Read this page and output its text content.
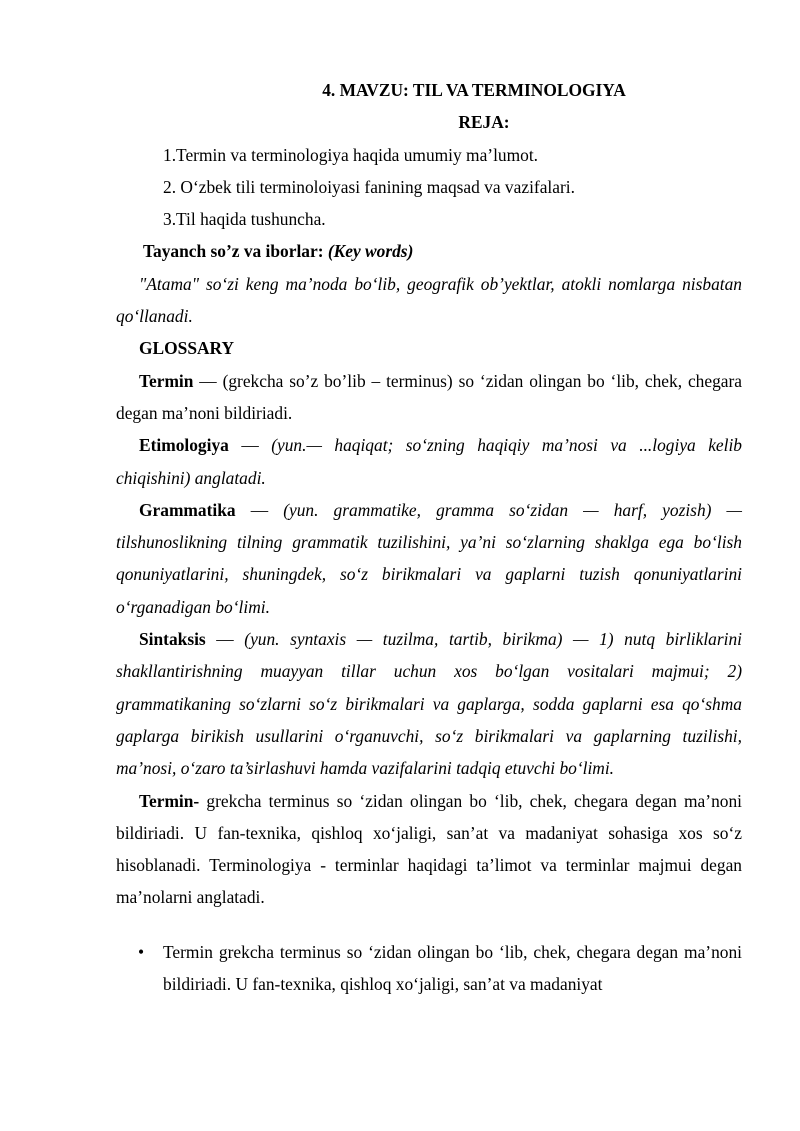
4. MAVZU: TIL VA TERMINOLOGIYA

REJA:

1.Termin va terminologiya haqida umumiy ma’lumot.

2. O‘zbek tili terminoloiyasi fanining maqsad va vazifalari.

3.Til haqida tushuncha.

Tayanch so’z va iborlar: (Key words)

"Atama" so‘zi keng ma’noda bo‘lib, geografik ob’yektlar, atokli nomlarga nisbatan qo‘llanadi.

GLOSSARY

Termin — (grekcha so’z bo’lib – terminus) so ‘zidan olingan bo ‘lib, chek, chegara degan ma’noni bildiriadi.

Etimologiya — (yun.— haqiqat; so‘zning haqiqiy ma’nosi va ...logiya kelib chiqishini) anglatadi.

Grammatika — (yun. grammatike, gramma so‘zidan — harf, yozish) — tilshunoslikning tilning grammatik tuzilishini, ya’ni so‘zlarning shaklga ega bo‘lish qonuniyatlarini, shuningdek, so‘z birikmalari va gaplarni tuzish qonuniyatlarini o‘rganadigan bo‘limi.

Sintaksis — (yun. syntaxis — tuzilma, tartib, birikma) — 1) nutq birliklarini shakllantirishning muayyan tillar uchun xos bo‘lgan vositalari majmui; 2) grammatikaning so‘zlarni so‘z birikmalari va gaplarga, sodda gaplarni esa qo‘shma gaplarga birikish usullarini o‘rganuvchi, so‘z birikmalari va gaplarning tuzilishi, ma’nosi, o‘zaro ta’sirlashuvi hamda vazifalarini tadqiq etuvchi bo‘limi.

Termin- grekcha terminus so ‘zidan olingan bo ‘lib, chek, chegara degan ma’noni bildiriadi. U fan-texnika, qishloq xo‘jaligi, san’at va madaniyat sohasiga xos so‘z hisoblanadi. Terminologiya - terminlar haqidagi ta’limot va terminlar majmui degan ma’nolarni anglatadi.

• Termin grekcha terminus so ‘zidan olingan bo ‘lib, chek, chegara degan ma’noni bildiriadi. U fan-texnika, qishloq xo‘jaligi, san’at va madaniyat
